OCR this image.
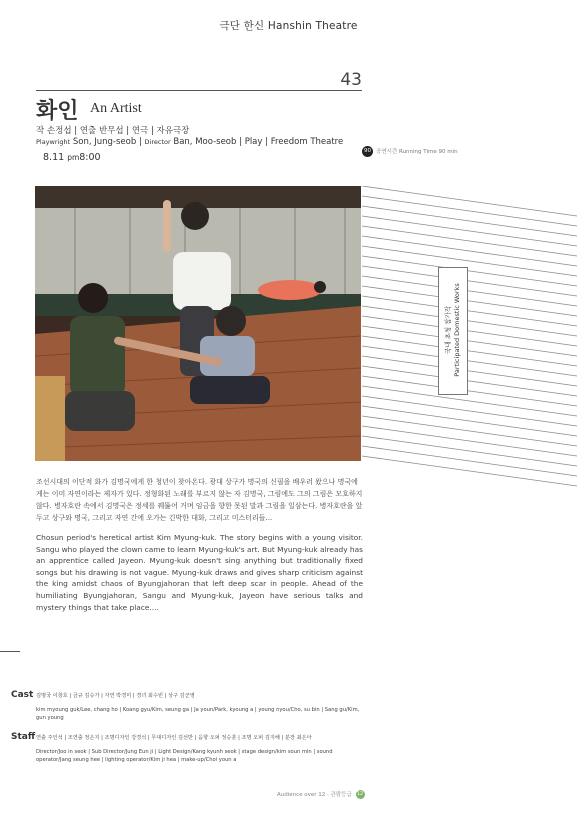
극단 한신 Hanshin Theatre
43
화인 An Artist
작 손정섭 | 연출 반무섭 | 연극 | 자유극장
Playwright Son, Jung-seob | Director Ban, Moo-seob | Play | Freedom Theatre
90 공연시간 Running Time 90 min
8.11 pm8:00
국내 초청 참가작 Participated Domestic Works

조선시대의 이단적 화가 김명국에게 한 청년이 찾아온다. 광대 상구가 명국의 신필을 배우러 왔으나 명국에게는 이미 자연이라는 제자가 있다. 정형화된 노래를 부르지 않는 자 김명국, 그림에도 그의 그림은 모호하지 않다. 병자호란 속에서 김명국은 정세를 꿰뚫어 거며 임금을 향한 못된 말과 그림을 일삼는다. 병자호란을 앞두고 상구와 명국, 그리고 자연 간에 오가는 긴박한 대화, 그리고 미스터리들...

Chosun period's heretical artist Kim Myung-kuk. The story begins with a young visitor. Sangu who played the clown came to learn Myung-kuk's art. But Myung-kuk already has an apprentice called Jayeon. Myung-kuk doesn't sing anything but traditionally fixed songs but his drawing is not vague. Myung-kuk draws and gives sharp criticism against the king amidst chaos of Byungjahoran that left deep scar in people. Ahead of the humiliating Byungjahoran, Sangu and Myung-kuk, Jayeon have serious talks and mystery things that take place....

Cast 김명국 이창호 | 금규 김승가 | 자연 박경미 | 경녀 최수빈 | 상구 김군영
kim myoung guk/Lee, chang ho | Koang gyu/Kim, seung ga | Ja youn/Park, kyoung a | young nyou/Cho, su bin | Sang gu/Kim, gun young
Staff 연출 주인석 | 조연출 정은지 | 조명디자인 강경석 | 무대디자인 김선반 | 음향 오퍼 정승훈 | 조명 오퍼 김지해 | 분장 최은아
Director/Joo in seok | Sub Director/Jung Eun ji | Light Design/Kang kyunh seok | stage design/kim soun min | sound operator/Jang seung hee | lighting operator/Kim ji hea | make-up/Choi youn a
Audience over 12 · 관람등급 12
